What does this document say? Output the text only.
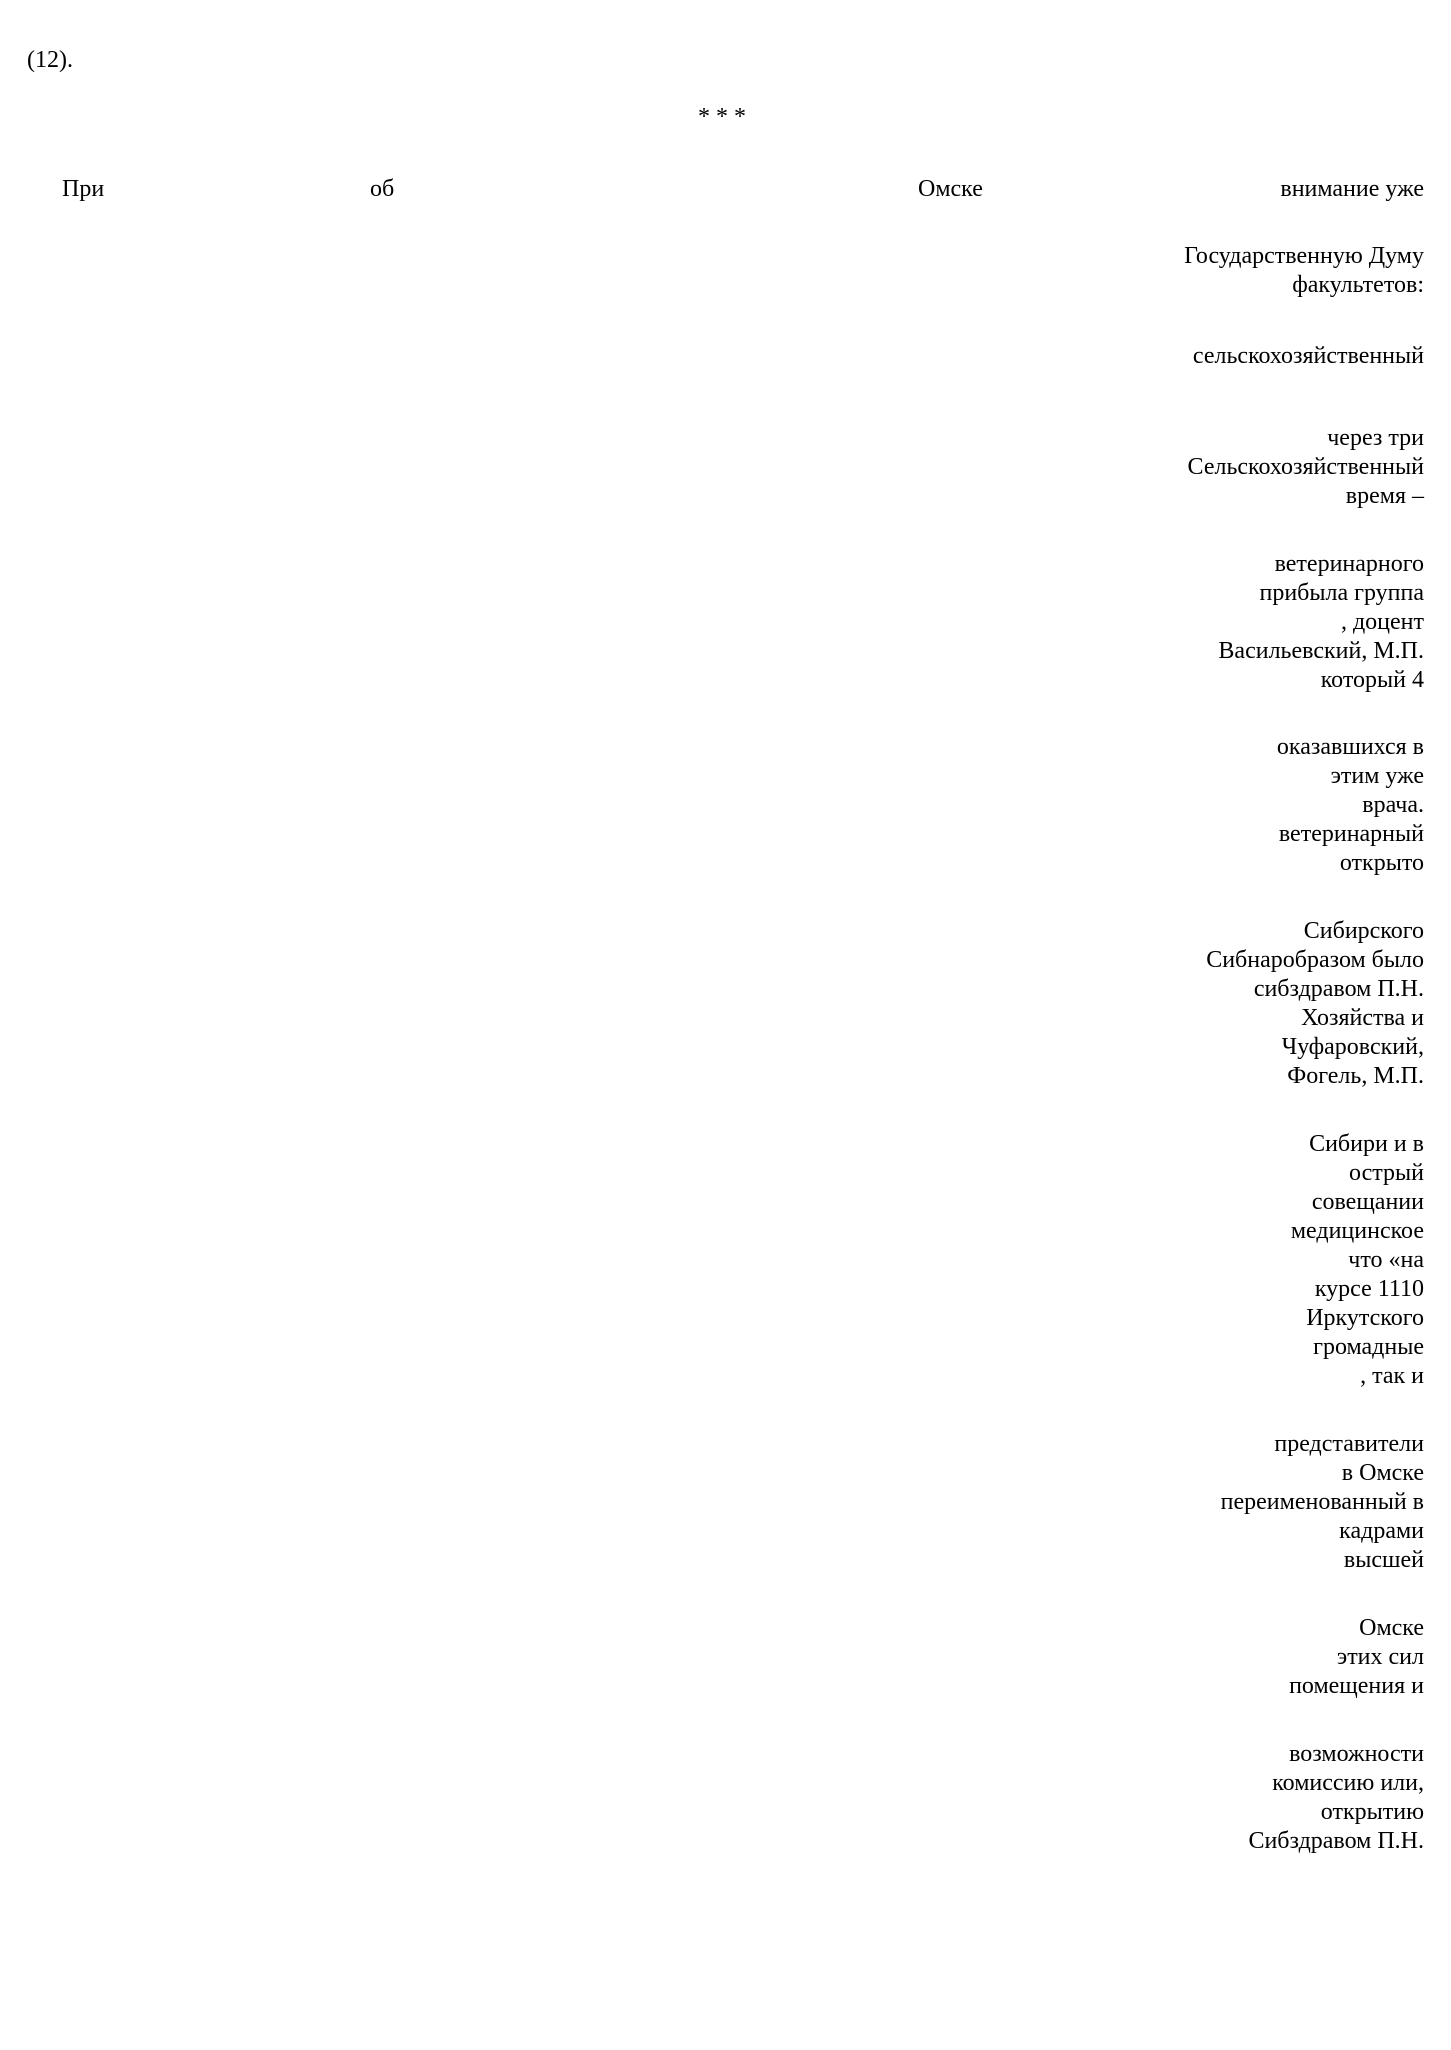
(12).
* * *
При	об	Омске	внимание уже
Государственную Думу
факультетов:
сельскохозяйственный
через три
Сельскохозяйственный
время –
ветеринарного
прибыла группа
, доцент
Васильевский, М.П.
который 4
оказавшихся в
этим уже
врача.
ветеринарный
открыто
Сибирского
Сибнаробразом было
сибздравом П.Н.
Хозяйства и
Чуфаровский,
Фогель, М.П.
Сибири и в
острый
совещании
медицинское
что «на
курсе 1110
Иркутского
громадные
, так и
представители
в Омске
переименованный в
кадрами
высшей
Омске
этих сил
помещения и
возможности
комиссию или,
открытию
Сибздравом П.Н.
